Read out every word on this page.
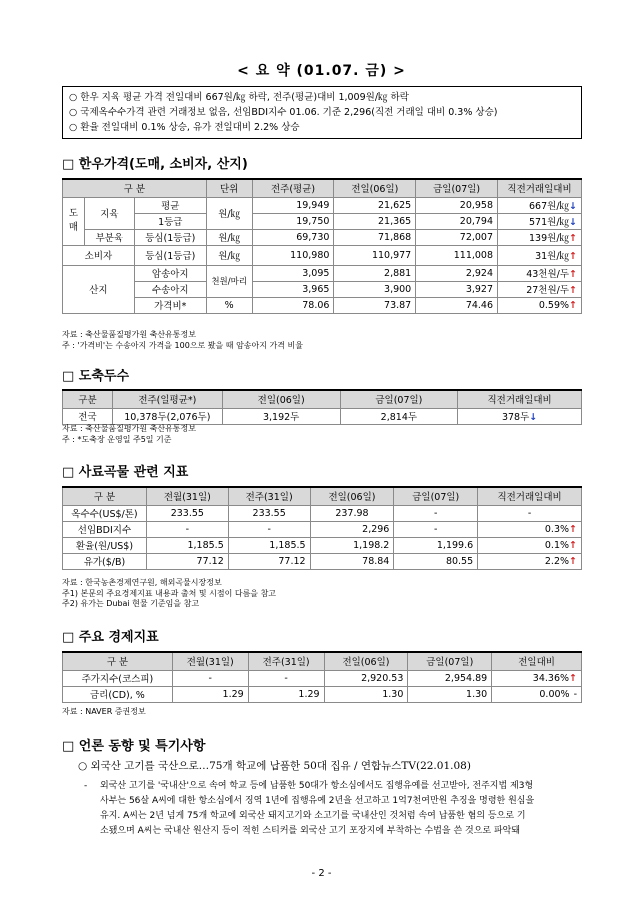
< 요 약 (01.07. 금) >
○ 한우 지육 평균 가격 전일대비 667원/㎏ 하락, 전주(평균)대비 1,009원/㎏ 하락
○ 국제옥수수가격 관련 거래정보 없음, 선임BDI지수 01.06. 기준 2,296(직전 거래일 대비 0.3% 상승)
○ 환율 전일대비 0.1% 상승, 유가 전일대비 2.2% 상승
□ 한우가격(도매, 소비자, 산지)
구 분			단위	전주(평균)	전일(06일)	금일(07일)	직전거래일대비
도매	지육	평균	원/㎏	19,949	21,625	20,958	667원/㎏↓
		1등급		19,750	21,365	20,794	571원/㎏↓
	부분육	등심(1등급)	원/㎏	69,730	71,868	72,007	139원/㎏↑
소비자		등심(1등급)	원/㎏	110,980	110,977	111,008	31원/㎏↑
산지		암송아지	천원/마리	3,095	2,881	2,924	43천원/두↑
		수송아지		3,965	3,900	3,927	27천원/두↑
		가격비*	%	78.06	73.87	74.46	0.59%↑
자료 : 축산물품질평가원 축산유통정보
주 : '가격비'는 수송아지 가격을 100으로 봤을 때 암송아지 가격 비율
□ 도축두수
구분	전주(일평균*)	전일(06일)	금일(07일)	직전거래일대비
전국	10,378두(2,076두)	3,192두	2,814두	378두↓
자료 : 축산물품질평가원 축산유통정보
주 : *도축장 운영일 주5일 기준
□ 사료곡물 관련 지표
구 분	전월(31일)	전주(31일)	전일(06일)	금일(07일)	직전거래일대비
옥수수(US$/톤)	233.55	233.55	237.98	-	-
선임BDI지수	-	-	2,296	-	0.3%↑
환율(원/US$)	1,185.5	1,185.5	1,198.2	1,199.6	0.1%↑
유가($/B)	77.12	77.12	78.84	80.55	2.2%↑
자료 : 한국농촌경제연구원, 해외곡물시장정보
주1) 본문의 주요경제지표 내용과 출처 및 시점이 다름을 참고
주2) 유가는 Dubai 현물 기준임을 참고
□ 주요 경제지표
구 분	전월(31일)	전주(31일)	전일(06일)	금일(07일)	전일대비
주가지수(코스피)	-	-	2,920.53	2,954.89	34.36%↑
금리(CD), %	1.29	1.29	1.30	1.30	0.00% -
자료 : NAVER 증권정보
□ 언론 동향 및 특기사항
○ 외국산 고기를 국산으로…75개 학교에 납품한 50대 집유 / 연합뉴스TV(22.01.08)
- 외국산 고기를 '국내산'으로 속여 학교 등에 납품한 50대가 항소심에서도 집행유예를 선고받아, 전주지법 제3형
사부는 56살 A씨에 대한 항소심에서 징역 1년에 집행유예 2년을 선고하고 1억7천여만원 추징을 명령한 원심을
유지. A씨는 2년 넘게 75개 학교에 외국산 돼지고기와 소고기를 국내산인 것처럼 속여 납품한 혐의 등으로 기
소됐으며 A씨는 국내산 원산지 등이 적힌 스티커를 외국산 고기 포장지에 부착하는 수법을 쓴 것으로 파악돼
- 2 -
